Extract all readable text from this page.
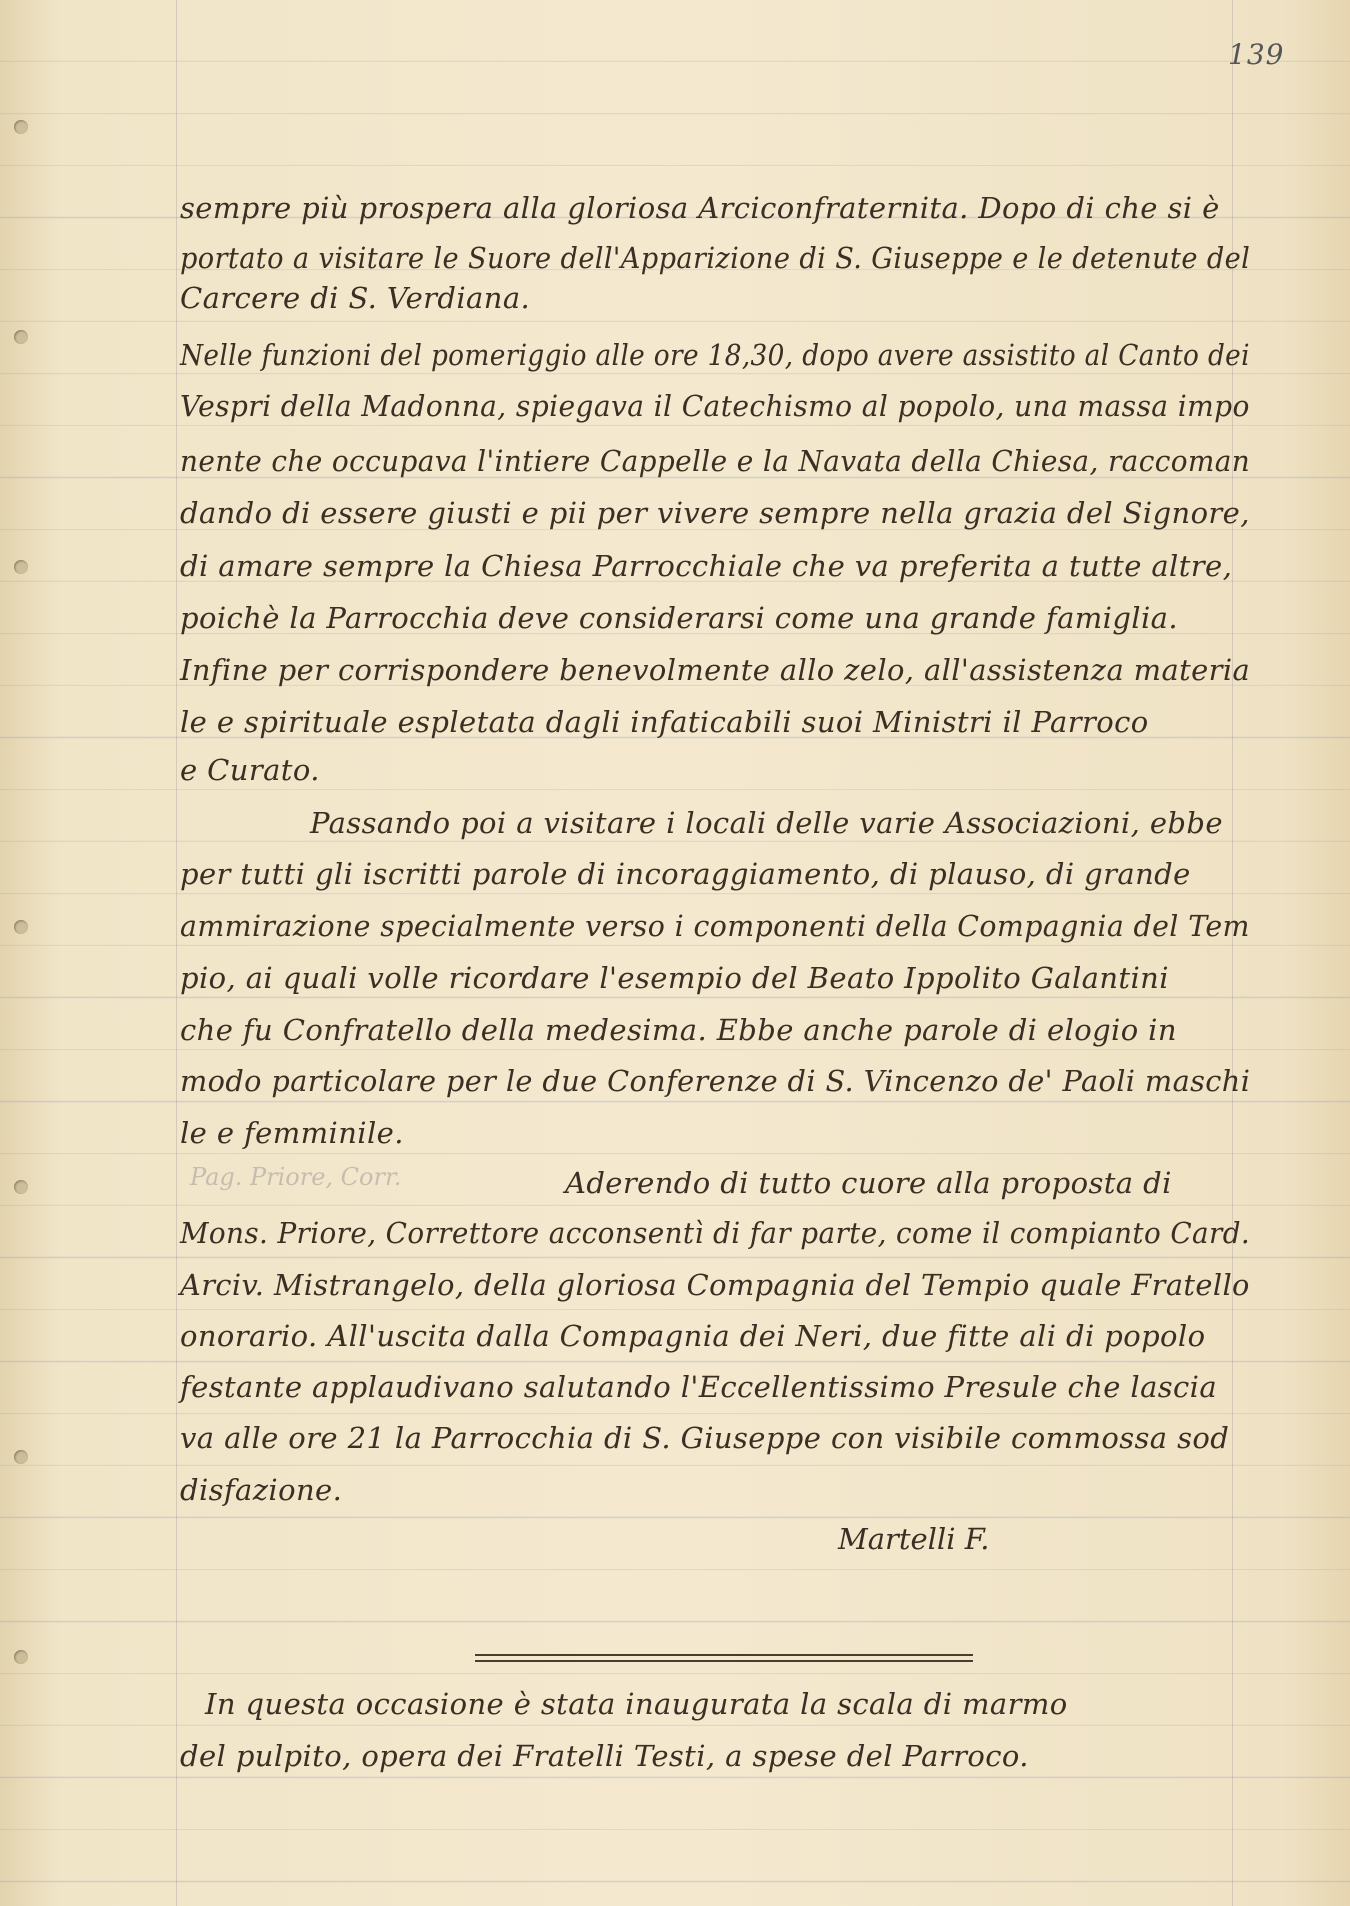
139
sempre più prospera alla gloriosa Arciconfraternita. Dopo di che si è
portato a visitare le Suore dell'Apparizione di S. Giuseppe e le detenute del
Carcere di S. Verdiana.
Nelle funzioni del pomeriggio alle ore 18,30, dopo avere assistito al Canto dei
Vespri della Madonna, spiegava il Catechismo al popolo, una massa impo
nente che occupava l'intiere Cappelle e la Navata della Chiesa, raccoman
dando di essere giusti e pii per vivere sempre nella grazia del Signore,
di amare sempre la Chiesa Parrocchiale che va preferita a tutte altre,
poichè la Parrocchia deve considerarsi come una grande famiglia.
Infine per corrispondere benevolmente allo zelo, all'assistenza materia
le e spirituale espletata dagli infaticabili suoi Ministri il Parroco
e Curato.
Passando poi a visitare i locali delle varie Associazioni, ebbe
per tutti gli iscritti parole di incoraggiamento, di plauso, di grande
ammirazione specialmente verso i componenti della Compagnia del Tem
pio, ai quali volle ricordare l'esempio del Beato Ippolito Galantini
che fu Confratello della medesima. Ebbe anche parole di elogio in
modo particolare per le due Conferenze di S. Vincenzo de' Paoli maschi
le e femminile.
Pag. Priore, Corr.	Aderendo di tutto cuore alla proposta di
Mons. Priore, Correttore acconsentì di far parte, come il compianto Card.
Arciv. Mistrangelo, della gloriosa Compagnia del Tempio quale Fratello
onorario. All'uscita dalla Compagnia dei Neri, due fitte ali di popolo
festante applaudivano salutando l'Eccellentissimo Presule che lascia
va alle ore 21 la Parrocchia di S. Giuseppe con visibile commossa sod
disfazione.
Martelli F.
In questa occasione è stata inaugurata la scala di marmo
del pulpito, opera dei Fratelli Testi, a spese del Parroco.
